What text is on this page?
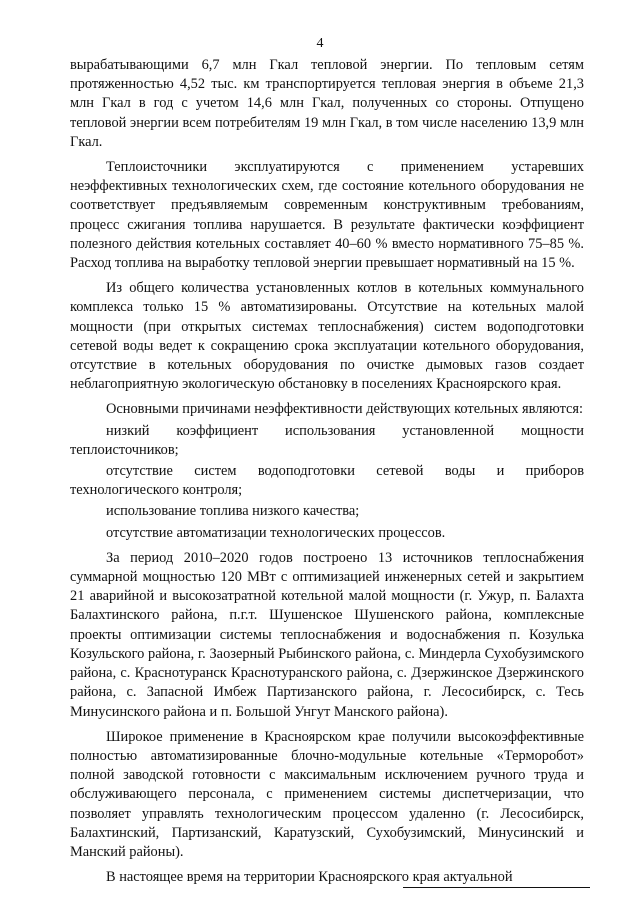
4

вырабатывающими 6,7 млн Гкал тепловой энергии. По тепловым сетям протяженностью 4,52 тыс. км транспортируется тепловая энергия в объеме 21,3 млн Гкал в год с учетом 14,6 млн Гкал, полученных со стороны. Отпущено тепловой энергии всем потребителям 19 млн Гкал, в том числе населению 13,9 млн Гкал.

Теплоисточники эксплуатируются с применением устаревших неэффективных технологических схем, где состояние котельного оборудования не соответствует предъявляемым современным конструктивным требованиям, процесс сжигания топлива нарушается. В результате фактически коэффициент полезного действия котельных составляет 40–60 % вместо нормативного 75–85 %. Расход топлива на выработку тепловой энергии превышает нормативный на 15 %.

Из общего количества установленных котлов в котельных коммунального комплекса только 15 % автоматизированы. Отсутствие на котельных малой мощности (при открытых системах теплоснабжения) систем водоподготовки сетевой воды ведет к сокращению срока эксплуатации котельного оборудования, отсутствие в котельных оборудования по очистке дымовых газов создает неблагоприятную экологическую обстановку в поселениях Красноярского края.

Основными причинами неэффективности действующих котельных являются:

низкий коэффициент использования установленной мощности теплоисточников;

отсутствие систем водоподготовки сетевой воды и приборов технологического контроля;

использование топлива низкого качества;

отсутствие автоматизации технологических процессов.

За период 2010–2020 годов построено 13 источников теплоснабжения суммарной мощностью 120 МВт с оптимизацией инженерных сетей и закрытием 21 аварийной и высокозатратной котельной малой мощности (г. Ужур, п. Балахта Балахтинского района, п.г.т. Шушенское Шушенского района, комплексные проекты оптимизации системы теплоснабжения и водоснабжения п. Козулька Козульского района, г. Заозерный Рыбинского района, с. Миндерла Сухобузимского района, с. Краснотуранск Краснотуранского района, с. Дзержинское Дзержинского района, с. Запасной Имбеж Партизанского района, г. Лесосибирск, с. Тесь Минусинского района и п. Большой Унгут Манского района).

Широкое применение в Красноярском крае получили высокоэффективные полностью автоматизированные блочно-модульные котельные «Терморобот» полной заводской готовности с максимальным исключением ручного труда и обслуживающего персонала, с применением системы диспетчеризации, что позволяет управлять технологическим процессом удаленно (г. Лесосибирск, Балахтинский, Партизанский, Каратузский, Сухобузимский, Минусинский и Манский районы).

В настоящее время на территории Красноярского края актуальной
